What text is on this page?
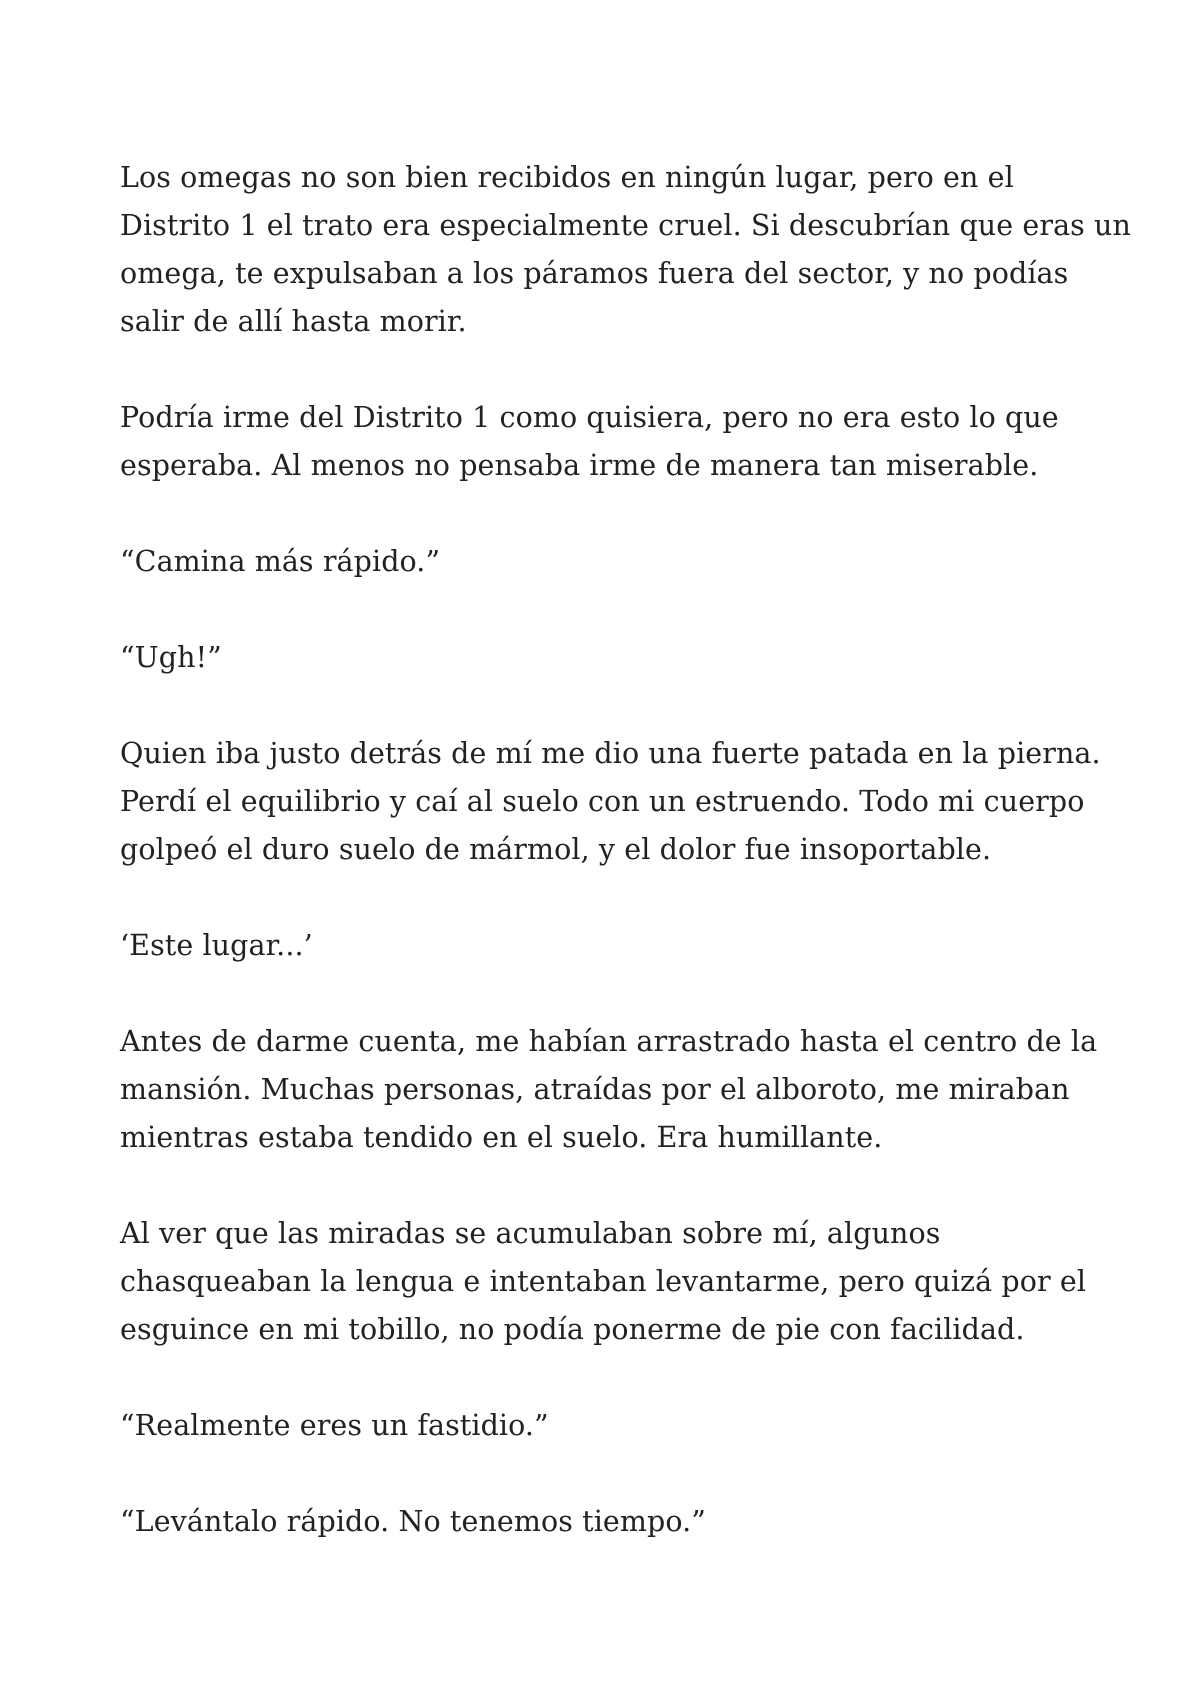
Los omegas no son bien recibidos en ningún lugar, pero en el
Distrito 1 el trato era especialmente cruel. Si descubrían que eras un
omega, te expulsaban a los páramos fuera del sector, y no podías
salir de allí hasta morir.

Podría irme del Distrito 1 como quisiera, pero no era esto lo que
esperaba. Al menos no pensaba irme de manera tan miserable.

“Camina más rápido.”

“Ugh!”

Quien iba justo detrás de mí me dio una fuerte patada en la pierna.
Perdí el equilibrio y caí al suelo con un estruendo. Todo mi cuerpo
golpeó el duro suelo de mármol, y el dolor fue insoportable.

‘Este lugar...’

Antes de darme cuenta, me habían arrastrado hasta el centro de la
mansión. Muchas personas, atraídas por el alboroto, me miraban
mientras estaba tendido en el suelo. Era humillante.

Al ver que las miradas se acumulaban sobre mí, algunos
chasqueaban la lengua e intentaban levantarme, pero quizá por el
esguince en mi tobillo, no podía ponerme de pie con facilidad.

“Realmente eres un fastidio.”

“Levántalo rápido. No tenemos tiempo.”
